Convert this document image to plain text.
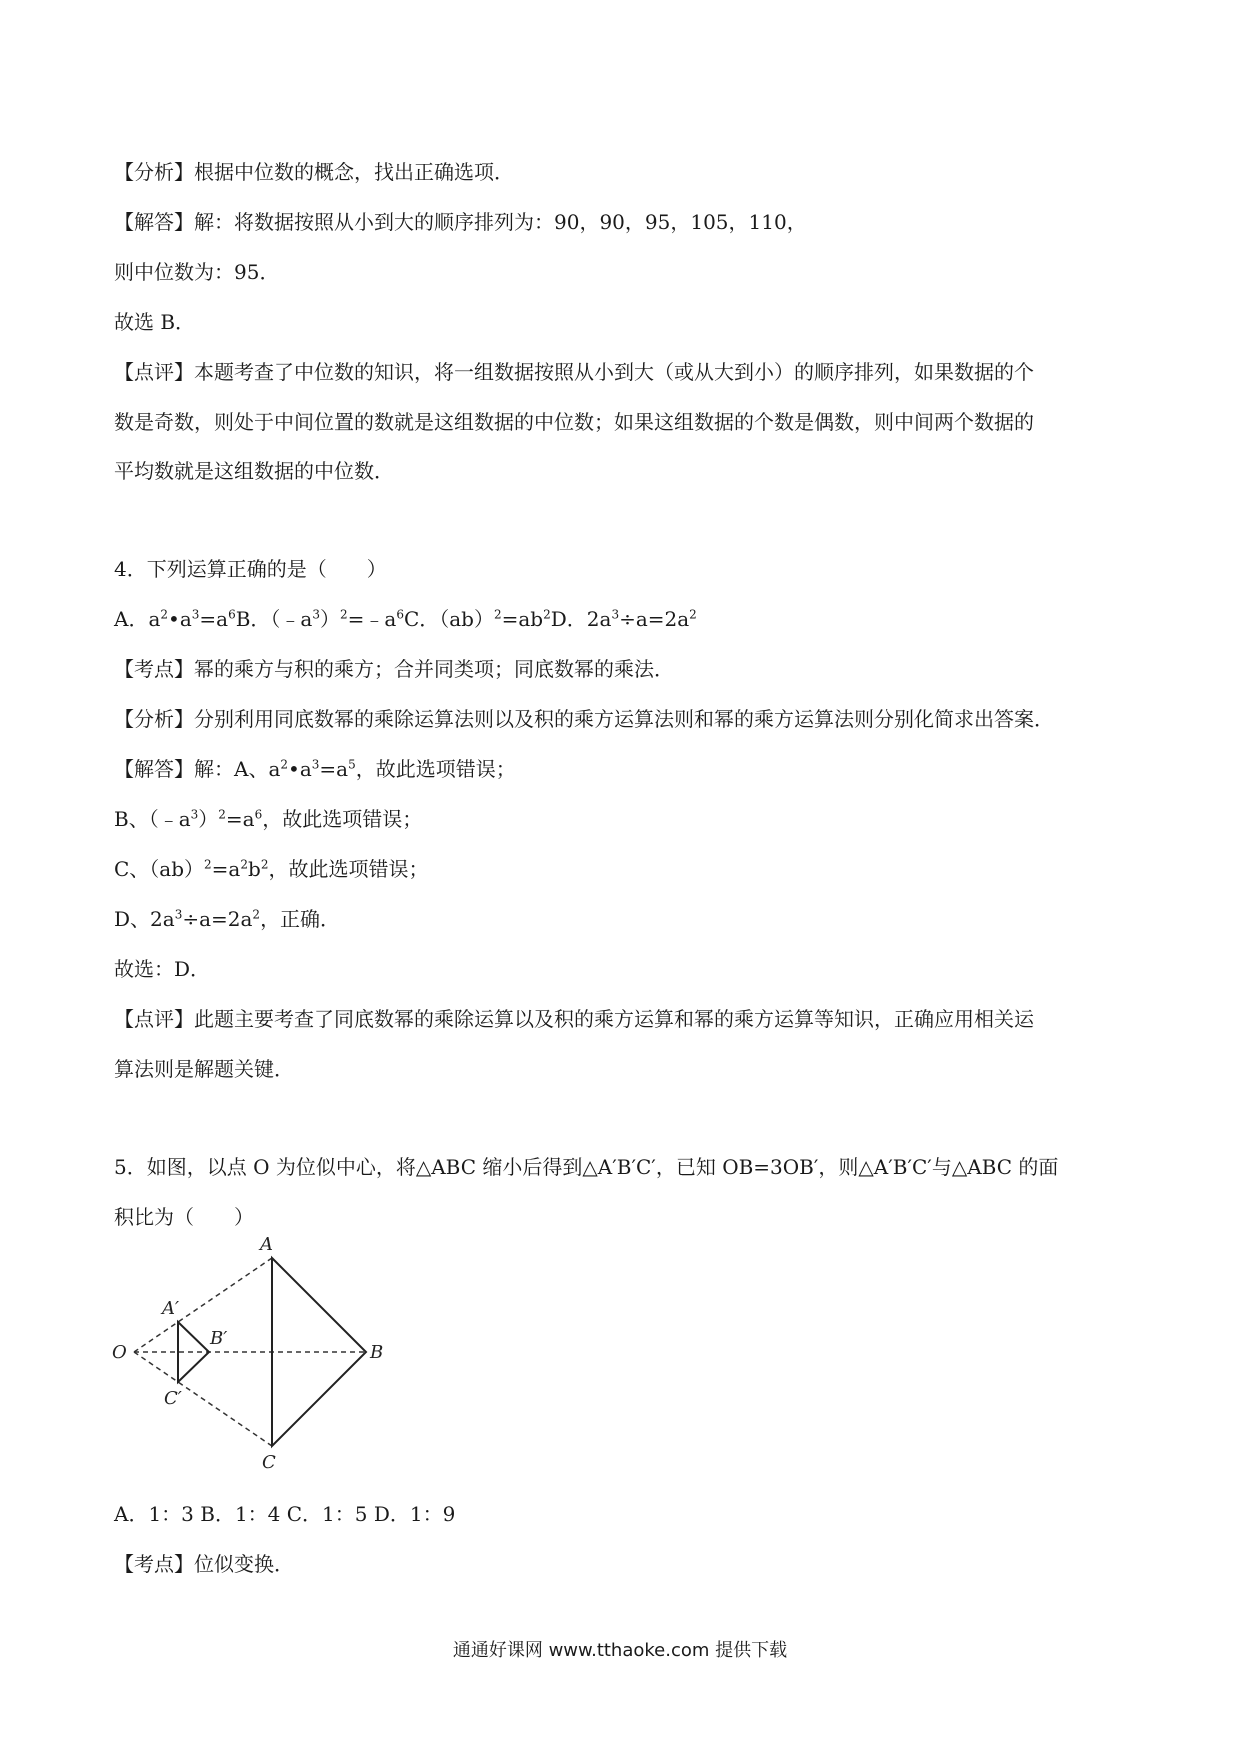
【分析】根据中位数的概念，找出正确选项．
【解答】解：将数据按照从小到大的顺序排列为：90，90，95，105，110，
则中位数为：95．
故选 B．
【点评】本题考查了中位数的知识，将一组数据按照从小到大（或从大到小）的顺序排列，如果数据的个
数是奇数，则处于中间位置的数就是这组数据的中位数；如果这组数据的个数是偶数，则中间两个数据的
平均数就是这组数据的中位数．
4．下列运算正确的是（　　）
A．$a^2•a^3=a^6B$．$(﹣a^3)^2=﹣a^6C$．$(ab)^2=ab^2D$．$2a^3\div a=2a^2$
【考点】幂的乘方与积的乘方；合并同类项；同底数幂的乘法．
【分析】分别利用同底数幂的乘除运算法则以及积的乘方运算法则和幂的乘方运算法则分别化简求出答案．
【解答】解：A、$a^2•a^3=a^5$，故此选项错误；
B、$(﹣a^3)^2=a^6$，故此选项错误；
C、$(ab)^2=a^2b^2$，故此选项错误；
D、$2a^3\div a=2a^2$，正确．
故选：D．
【点评】此题主要考查了同底数幂的乘除运算以及积的乘方运算和幂的乘方运算等知识，正确应用相关运
算法则是解题关键．
5．如图，以点 O 为位似中心，将△ABC 缩小后得到△A′B′C′，已知 OB=3OB′，则△A′B′C′与△ABC 的面
积比为（　　）
A
B
C
O
A′
B′
C′
A．1：3 B．1：4 C．1：5 D．1：9
【考点】位似变换．
通通好课网 www.tthaoke.com 提供下载
